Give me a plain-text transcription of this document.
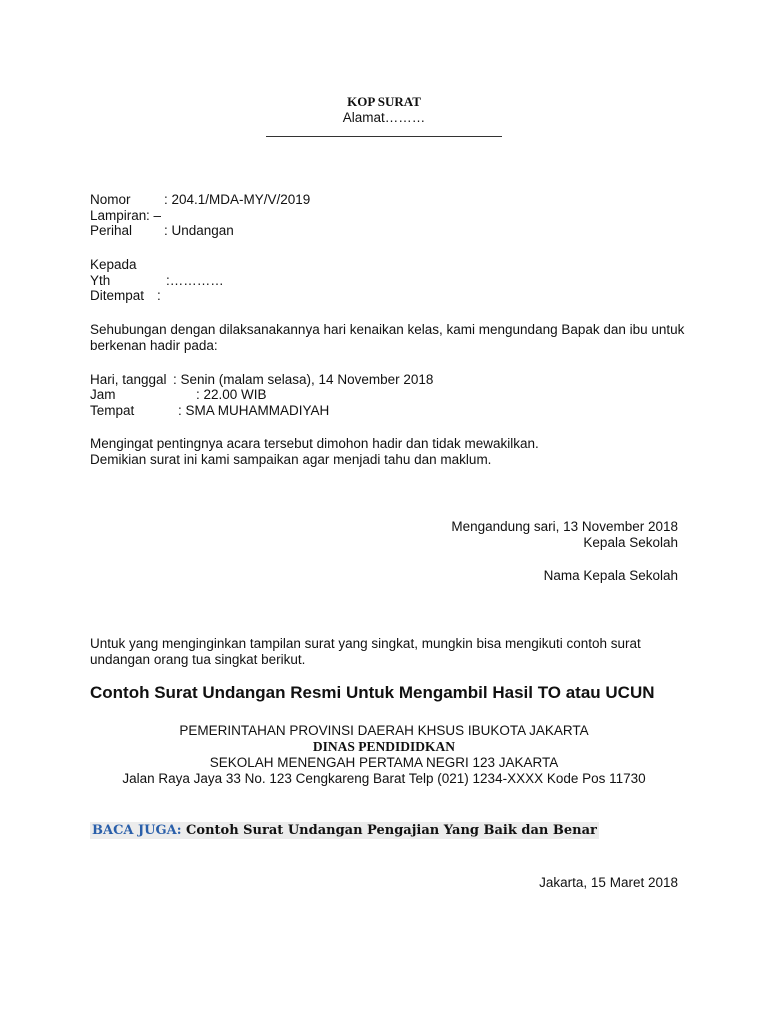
KOP SURAT
Alamat………
Nomor : 204.1/MDA-MY/V/2019
Lampiran: –
Perihal : Undangan
Kepada
Yth	:…………
Ditempat :
Sehubungan dengan dilaksanakannya hari kenaikan kelas, kami mengundang Bapak dan ibu untuk
berkenan hadir pada:
Hari, tanggal : Senin (malam selasa), 14 November 2018
Jam	: 22.00 WIB
Tempat	: SMA MUHAMMADIYAH
Mengingat pentingnya acara tersebut dimohon hadir dan tidak mewakilkan.
Demikian surat ini kami sampaikan agar menjadi tahu dan maklum.
Mengandung sari, 13 November 2018
Kepala Sekolah
Nama Kepala Sekolah
Untuk yang menginginkan tampilan surat yang singkat, mungkin bisa mengikuti contoh surat
undangan orang tua singkat berikut.
Contoh Surat Undangan Resmi Untuk Mengambil Hasil TO atau UCUN
PEMERINTAHAN PROVINSI DAERAH KHSUS IBUKOTA JAKARTA
DINAS PENDIDIDKAN
SEKOLAH MENENGAH PERTAMA NEGRI 123 JAKARTA
Jalan Raya Jaya 33 No. 123 Cengkareng Barat Telp (021) 1234-XXXX Kode Pos 11730
BACA JUGA: Contoh Surat Undangan Pengajian Yang Baik dan Benar
Jakarta, 15 Maret 2018
